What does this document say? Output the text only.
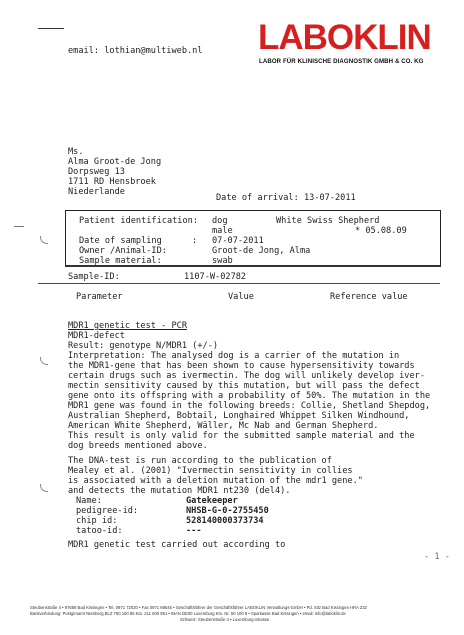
email: lothian@multiweb.nl LABOKLIN
LABOR FÜR KLINISCHE DIAGNOSTIK GMBH & CO. KG
Ms.
Alma Groot-de Jong
Dorpsweg 13
1711 RD Hensbroek
Niederlande
Date of arrival: 13-07-2011
Patient identification: dog	White Swiss Shepherd
male	* 05.08.09
Date of sampling	: 07-07-2011
Owner /Animal-ID:	Groot-de Jong, Alma
Sample material:	swab
Sample-ID:	1107-W-02782
Parameter	Value	Reference value
MDR1 genetic test - PCR
MDR1-defect
Result: genotype N/MDR1 (+/-)
Interpretation: The analysed dog is a carrier of the mutation in
the MDR1-gene that has been shown to cause hypersensitivity towards
certain drugs such as ivermectin. The dog will unlikely develop iver-
mectin sensitivity caused by this mutation, but will pass the defect
gene onto its offspring with a probability of 50%. The mutation in the
MDR1 gene was found in the following breeds: Collie, Shetland Shepdog,
Australian Shepherd, Bobtail, Longhaired Whippet Silken Windhound,
American White Shepherd, Wäller, Mc Nab and German Shepherd.
This result is only valid for the submitted sample material and the
dog breeds mentioned above.
The DNA-test is run according to the publication of
Mealey et al. (2001) "Ivermectin sensitivity in collies
is associated with a deletion mutation of the mdr1 gene."
and detects the mutation MDR1 nt230 (del4).
Name:	Gatekeeper
pedigree-id:	NHSB-G-0-2755450
chip id:	528140000373734
tatoo-id:	---
MDR1 genetic test carried out according to
- 1 -
Steubenstraße 4 • 97688 Bad Kissingen • Tel. 0971 72020 • Fax 0971 68546 • Geschäftsführer der Geschäftsführer LABOKLIN Verwaltungs-GmbH • Pd. Sitz Bad Kissingen HRA 232
Bankverbindung: Postgiroamt Nürnberg BLZ 760 100 85 Kto. 211 500 851 • IBAN DE00 Luxemburg Kto. Nr. 50 100 8 • Sparkasse Bad Kissingen • email: info@laboklin.de
Schweiz: Steubenstraße 4 • Luxemburg-Strasse
